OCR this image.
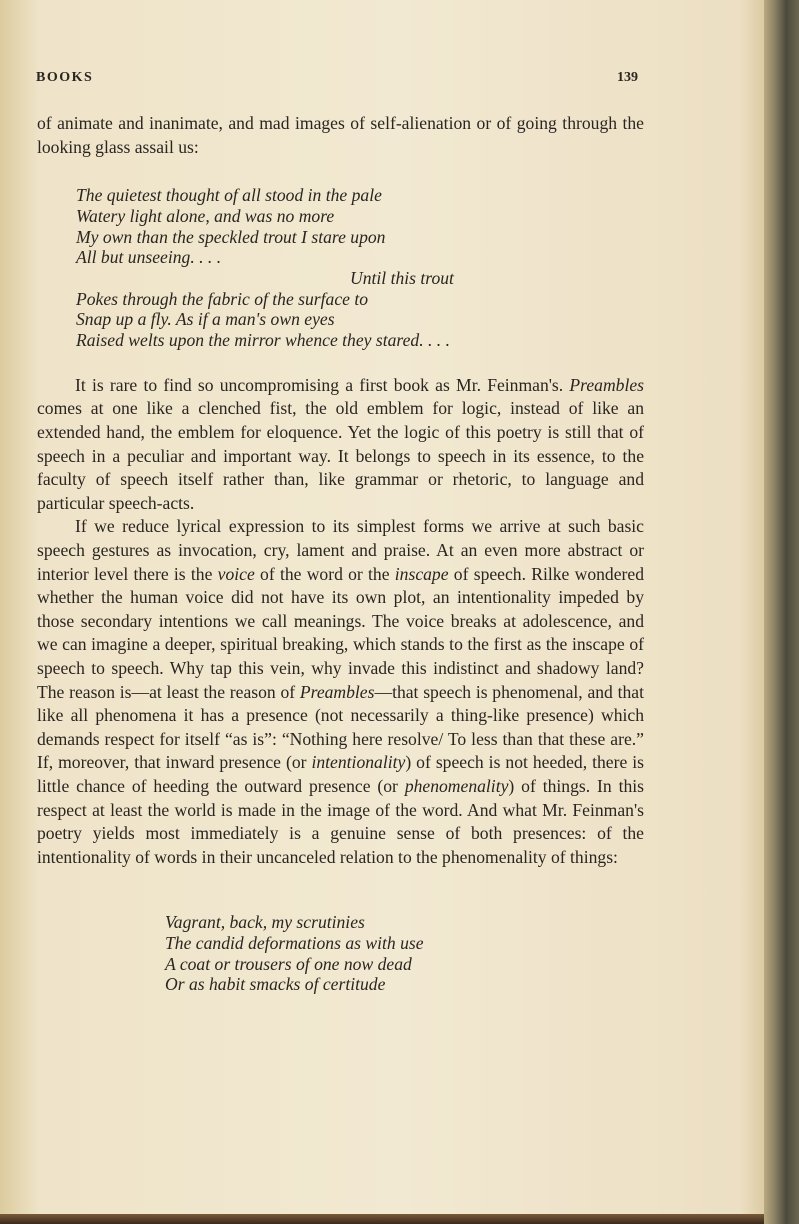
BOOKS	139

of animate and inanimate, and mad images of self-alienation or of going through the looking glass assail us:

The quietest thought of all stood in the pale
Watery light alone, and was no more
My own than the speckled trout I stare upon
All but unseeing. . . .
Until this trout
Pokes through the fabric of the surface to
Snap up a fly. As if a man's own eyes
Raised welts upon the mirror whence they stared. . . .

It is rare to find so uncompromising a first book as Mr. Feinman's. Preambles comes at one like a clenched fist, the old emblem for logic, instead of like an extended hand, the emblem for eloquence. Yet the logic of this poetry is still that of speech in a peculiar and important way. It belongs to speech in its essence, to the faculty of speech itself rather than, like grammar or rhetoric, to language and particular speech-acts.

If we reduce lyrical expression to its simplest forms we arrive at such basic speech gestures as invocation, cry, lament and praise. At an even more abstract or interior level there is the voice of the word or the inscape of speech. Rilke wondered whether the human voice did not have its own plot, an intentionality impeded by those secondary intentions we call meanings. The voice breaks at adolescence, and we can imagine a deeper, spiritual breaking, which stands to the first as the inscape of speech to speech. Why tap this vein, why invade this indistinct and shadowy land? The reason is—at least the reason of Preambles—that speech is phenomenal, and that like all phenomena it has a presence (not necessarily a thing-like presence) which demands respect for itself “as is”: “Nothing here resolve/ To less than that these are.” If, moreover, that inward presence (or intentionality) of speech is not heeded, there is little chance of heeding the outward presence (or phenomenality) of things. In this respect at least the world is made in the image of the word. And what Mr. Feinman's poetry yields most immediately is a genuine sense of both presences: of the intentionality of words in their uncanceled relation to the phenomenality of things:

Vagrant, back, my scrutinies
The candid deformations as with use
A coat or trousers of one now dead
Or as habit smacks of certitude
